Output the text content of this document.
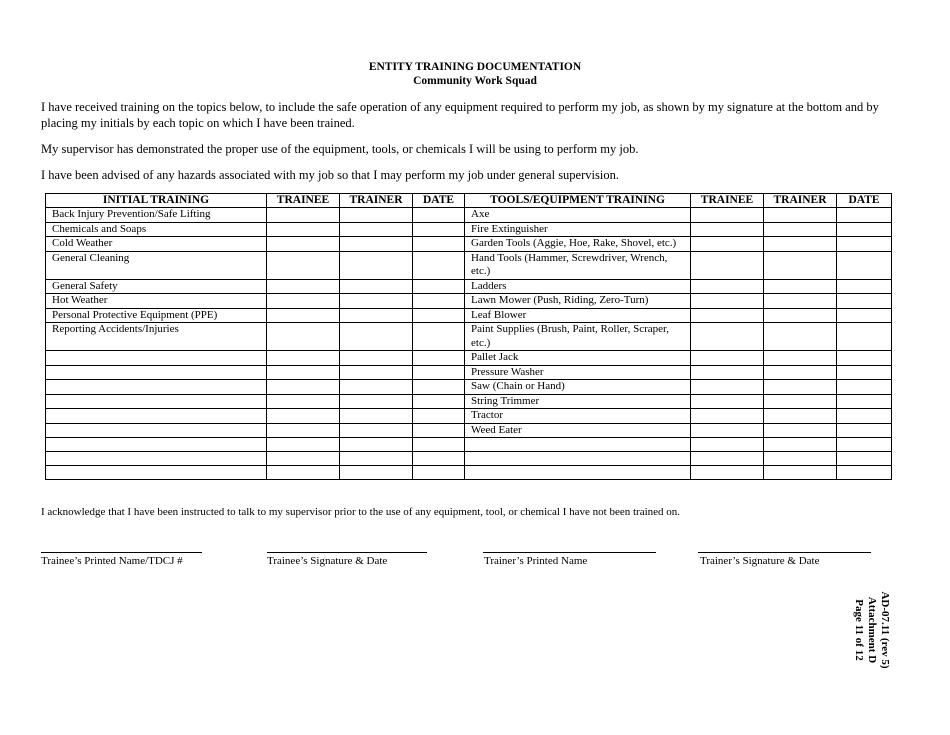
ENTITY TRAINING DOCUMENTATION
Community Work Squad
I have received training on the topics below, to include the safe operation of any equipment required to perform my job, as shown by my signature at the bottom and by placing my initials by each topic on which I have been trained.
My supervisor has demonstrated the proper use of the equipment, tools, or chemicals I will be using to perform my job.
I have been advised of any hazards associated with my job so that I may perform my job under general supervision.
INITIAL TRAINING	TRAINEE	TRAINER	DATE	TOOLS/EQUIPMENT TRAINING	TRAINEE	TRAINER	DATE
Back Injury Prevention/Safe Lifting				Axe			
Chemicals and Soaps				Fire Extinguisher			
Cold Weather				Garden Tools (Aggie, Hoe, Rake, Shovel, etc.)			
General Cleaning				Hand Tools (Hammer, Screwdriver, Wrench, etc.)			
General Safety				Ladders			
Hot Weather				Lawn Mower (Push, Riding, Zero-Turn)			
Personal Protective Equipment (PPE)				Leaf Blower			
Reporting Accidents/Injuries				Paint Supplies (Brush, Paint, Roller, Scraper, etc.)			
				Pallet Jack			
				Pressure Washer			
				Saw (Chain or Hand)			
				String Trimmer			
				Tractor			
				Weed Eater			

I acknowledge that I have been instructed to talk to my supervisor prior to the use of any equipment, tool, or chemical I have not been trained on.
Trainee’s Printed Name/TDCJ #	Trainee’s Signature & Date	Trainer’s Printed Name	Trainer’s Signature & Date
AD-07.11 (rev 5)
Attachment D
Page 11 of 12
